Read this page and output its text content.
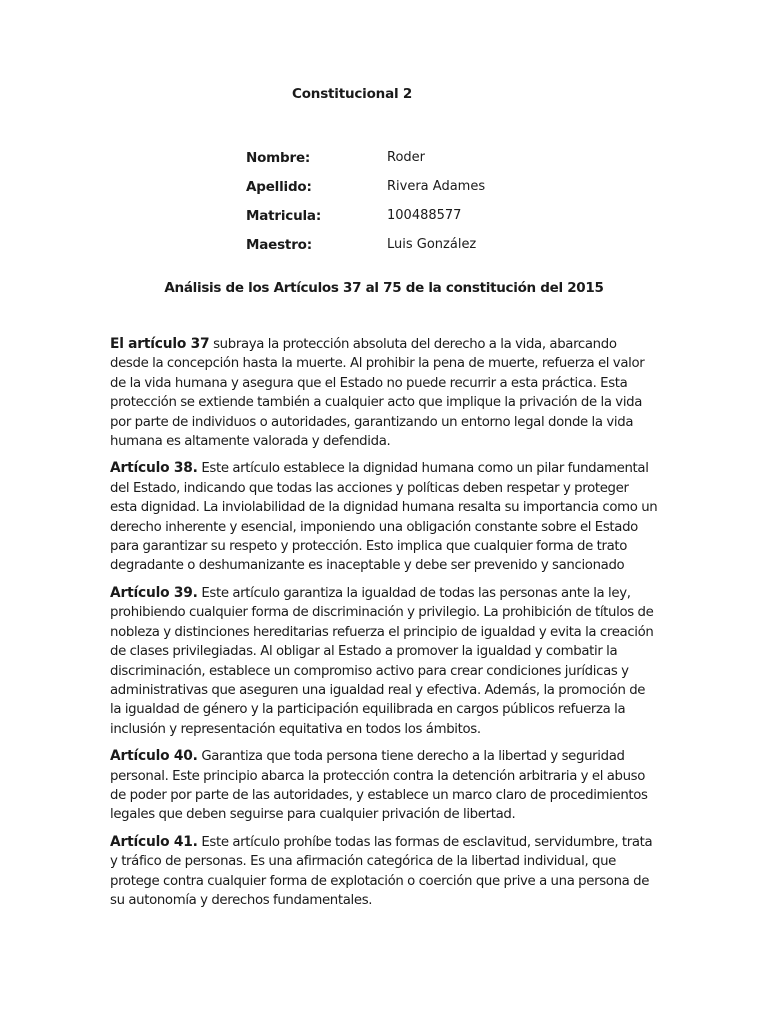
Constitucional 2
Nombre:	Roder
Apellido:	Rivera Adames
Matricula:	100488577
Maestro:	Luis González
Análisis de los Artículos 37 al 75 de la constitución del 2015

El artículo 37 subraya la protección absoluta del derecho a la vida, abarcando desde la concepción hasta la muerte. Al prohibir la pena de muerte, refuerza el valor de la vida humana y asegura que el Estado no puede recurrir a esta práctica. Esta protección se extiende también a cualquier acto que implique la privación de la vida por parte de individuos o autoridades, garantizando un entorno legal donde la vida humana es altamente valorada y defendida.

Artículo 38. Este artículo establece la dignidad humana como un pilar fundamental del Estado, indicando que todas las acciones y políticas deben respetar y proteger esta dignidad. La inviolabilidad de la dignidad humana resalta su importancia como un derecho inherente y esencial, imponiendo una obligación constante sobre el Estado para garantizar su respeto y protección. Esto implica que cualquier forma de trato degradante o deshumanizante es inaceptable y debe ser prevenido y sancionado

Artículo 39. Este artículo garantiza la igualdad de todas las personas ante la ley, prohibiendo cualquier forma de discriminación y privilegio. La prohibición de títulos de nobleza y distinciones hereditarias refuerza el principio de igualdad y evita la creación de clases privilegiadas. Al obligar al Estado a promover la igualdad y combatir la discriminación, establece un compromiso activo para crear condiciones jurídicas y administrativas que aseguren una igualdad real y efectiva. Además, la promoción de la igualdad de género y la participación equilibrada en cargos públicos refuerza la inclusión y representación equitativa en todos los ámbitos.

Artículo 40. Garantiza que toda persona tiene derecho a la libertad y seguridad personal. Este principio abarca la protección contra la detención arbitraria y el abuso de poder por parte de las autoridades, y establece un marco claro de procedimientos legales que deben seguirse para cualquier privación de libertad.

Artículo 41. Este artículo prohíbe todas las formas de esclavitud, servidumbre, trata y tráfico de personas. Es una afirmación categórica de la libertad individual, que protege contra cualquier forma de explotación o coerción que prive a una persona de su autonomía y derechos fundamentales.
